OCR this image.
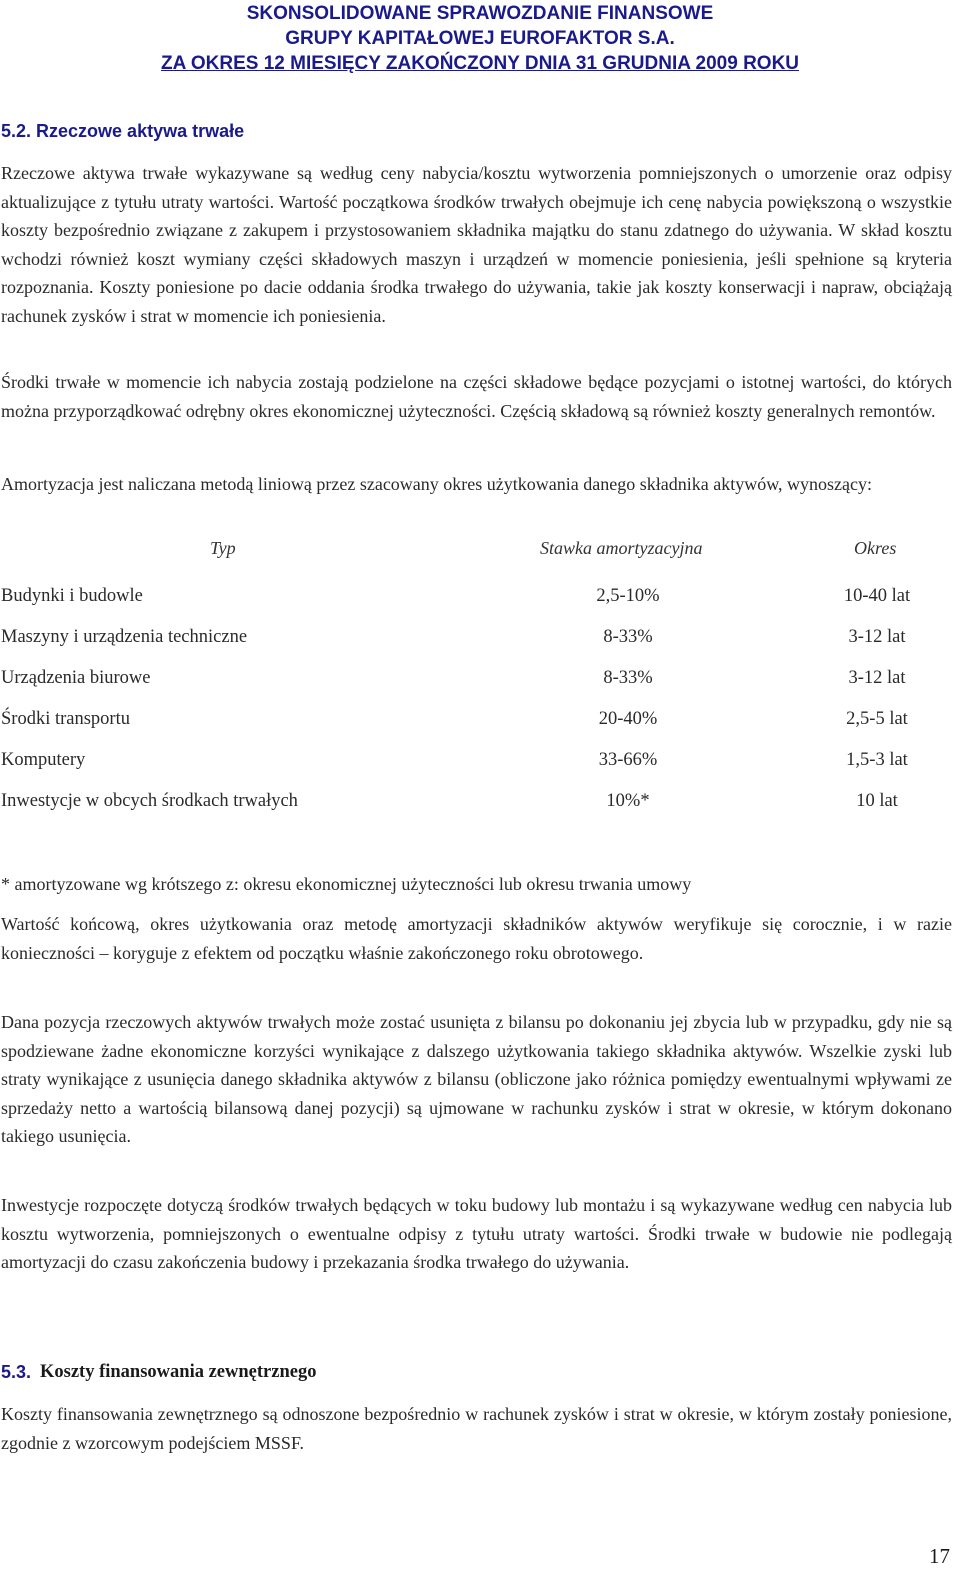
SKONSOLIDOWANE SPRAWOZDANIE FINANSOWE
GRUPY KAPITAŁOWEJ EUROFAKTOR S.A.
ZA OKRES 12 MIESIĘCY ZAKOŃCZONY DNIA 31 GRUDNIA 2009 ROKU
5.2. Rzeczowe aktywa trwałe
Rzeczowe aktywa trwałe wykazywane są według ceny nabycia/kosztu wytworzenia pomniejszonych o umorzenie oraz odpisy aktualizujące z tytułu utraty wartości. Wartość początkowa środków trwałych obejmuje ich cenę nabycia powiększoną o wszystkie koszty bezpośrednio związane z zakupem i przystosowaniem składnika majątku do stanu zdatnego do używania. W skład kosztu wchodzi również koszt wymiany części składowych maszyn i urządzeń w momencie poniesienia, jeśli spełnione są kryteria rozpoznania. Koszty poniesione po dacie oddania środka trwałego do używania, takie jak koszty konserwacji i napraw, obciążają rachunek zysków i strat w momencie ich poniesienia.
Środki trwałe w momencie ich nabycia zostają podzielone na części składowe będące pozycjami o istotnej wartości, do których można przyporządkować odrębny okres ekonomicznej użyteczności. Częścią składową są również koszty generalnych remontów.
Amortyzacja jest naliczana metodą liniową przez szacowany okres użytkowania danego składnika aktywów, wynoszący:
Typ	Stawka amortyzacyjna	Okres
Budynki i budowle	2,5-10%	10-40 lat
Maszyny i urządzenia techniczne	8-33%	3-12 lat
Urządzenia biurowe	8-33%	3-12 lat
Środki transportu	20-40%	2,5-5 lat
Komputery	33-66%	1,5-3 lat
Inwestycje w obcych środkach trwałych	10%*	10 lat
* amortyzowane wg krótszego z: okresu ekonomicznej użyteczności lub okresu trwania umowy
Wartość końcową, okres użytkowania oraz metodę amortyzacji składników aktywów weryfikuje się corocznie, i w razie konieczności – koryguje z efektem od początku właśnie zakończonego roku obrotowego.
Dana pozycja rzeczowych aktywów trwałych może zostać usunięta z bilansu po dokonaniu jej zbycia lub w przypadku, gdy nie są spodziewane żadne ekonomiczne korzyści wynikające z dalszego użytkowania takiego składnika aktywów. Wszelkie zyski lub straty wynikające z usunięcia danego składnika aktywów z bilansu (obliczone jako różnica pomiędzy ewentualnymi wpływami ze sprzedaży netto a wartością bilansową danej pozycji) są ujmowane w rachunku zysków i strat w okresie, w którym dokonano takiego usunięcia.
Inwestycje rozpoczęte dotyczą środków trwałych będących w toku budowy lub montażu i są wykazywane według cen nabycia lub kosztu wytworzenia, pomniejszonych o ewentualne odpisy z tytułu utraty wartości. Środki trwałe w budowie nie podlegają amortyzacji do czasu zakończenia budowy i przekazania środka trwałego do używania.
5.3. Koszty finansowania zewnętrznego
Koszty finansowania zewnętrznego są odnoszone bezpośrednio w rachunek zysków i strat w okresie, w którym zostały poniesione, zgodnie z wzorcowym podejściem MSSF.
17
